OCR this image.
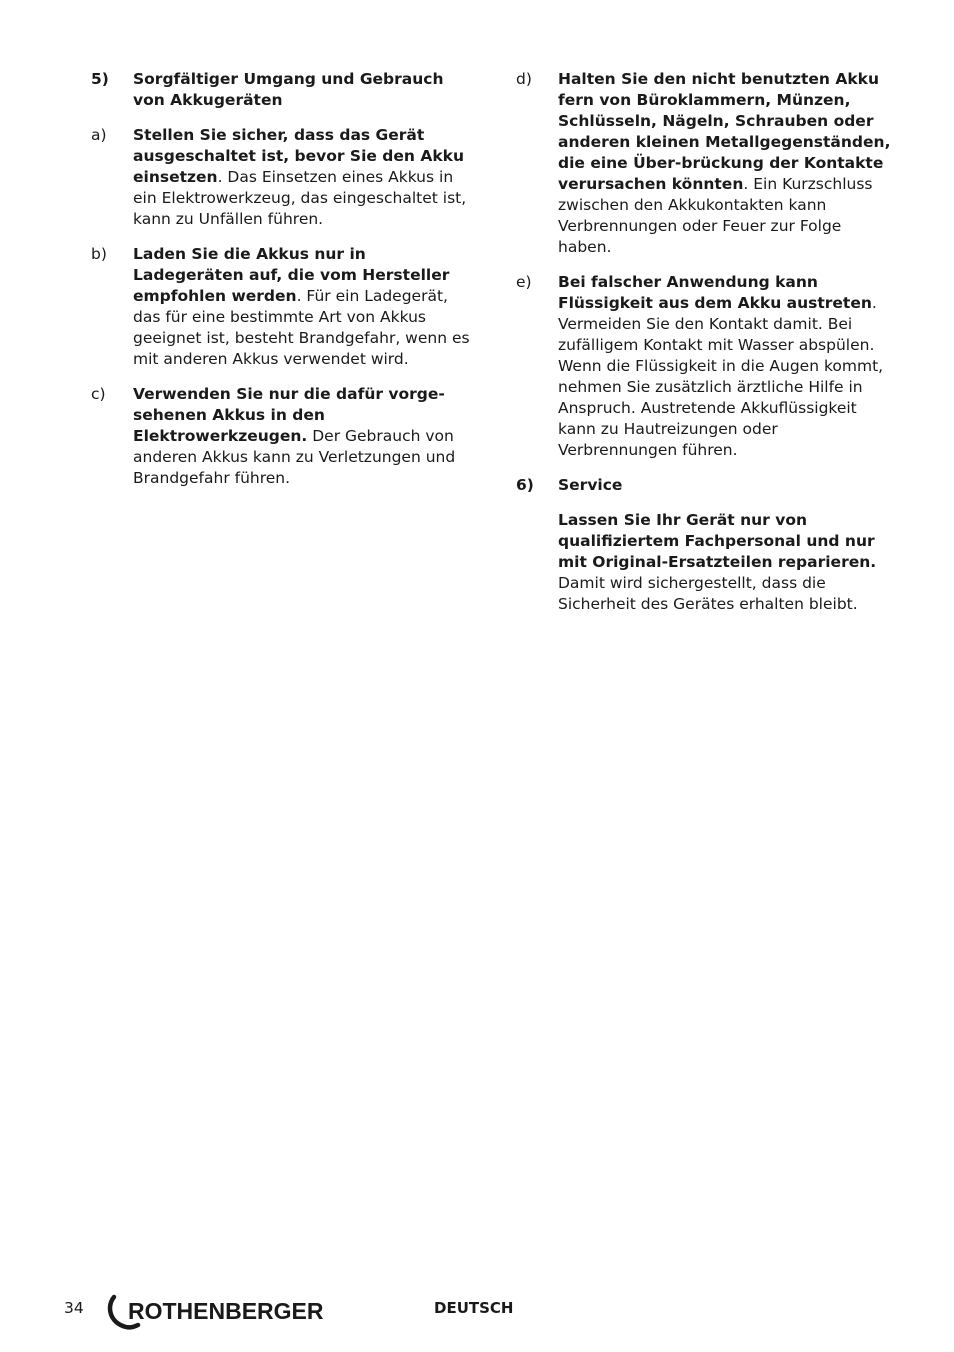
5)	Sorgfältiger Umgang und Gebrauch von Akkugeräten
a)	Stellen Sie sicher, dass das Gerät ausgeschaltet ist, bevor Sie den Akku einsetzen. Das Einsetzen eines Akkus in ein Elektrowerkzeug, das eingeschaltet ist, kann zu Unfällen führen.
b)	Laden Sie die Akkus nur in Ladegeräten auf, die vom Hersteller empfohlen werden. Für ein Ladegerät, das für eine bestimmte Art von Akkus geeignet ist, besteht Brandgefahr, wenn es mit anderen Akkus verwendet wird.
c)	Verwenden Sie nur die dafür vorge-sehenen Akkus in den Elektrowerkzeugen. Der Gebrauch von anderen Akkus kann zu Verletzungen und Brandgefahr führen.
d)	Halten Sie den nicht benutzten Akku fern von Büroklammern, Münzen, Schlüsseln, Nägeln, Schrauben oder anderen kleinen Metallgegenständen, die eine Über-brückung der Kontakte verursachen könnten. Ein Kurzschluss zwischen den Akkukontakten kann Verbrennungen oder Feuer zur Folge haben.
e)	Bei falscher Anwendung kann Flüssigkeit aus dem Akku austreten. Vermeiden Sie den Kontakt damit. Bei zufälligem Kontakt mit Wasser abspülen. Wenn die Flüssigkeit in die Augen kommt, nehmen Sie zusätzlich ärztliche Hilfe in Anspruch. Austretende Akkuflüssigkeit kann zu Hautreizungen oder Verbrennungen führen.
6)	Service
Lassen Sie Ihr Gerät nur von qualifiziertem Fachpersonal und nur mit Original-Ersatzteilen reparieren. Damit wird sichergestellt, dass die Sicherheit des Gerätes erhalten bleibt.
34 ROTHENBERGER	DEUTSCH
